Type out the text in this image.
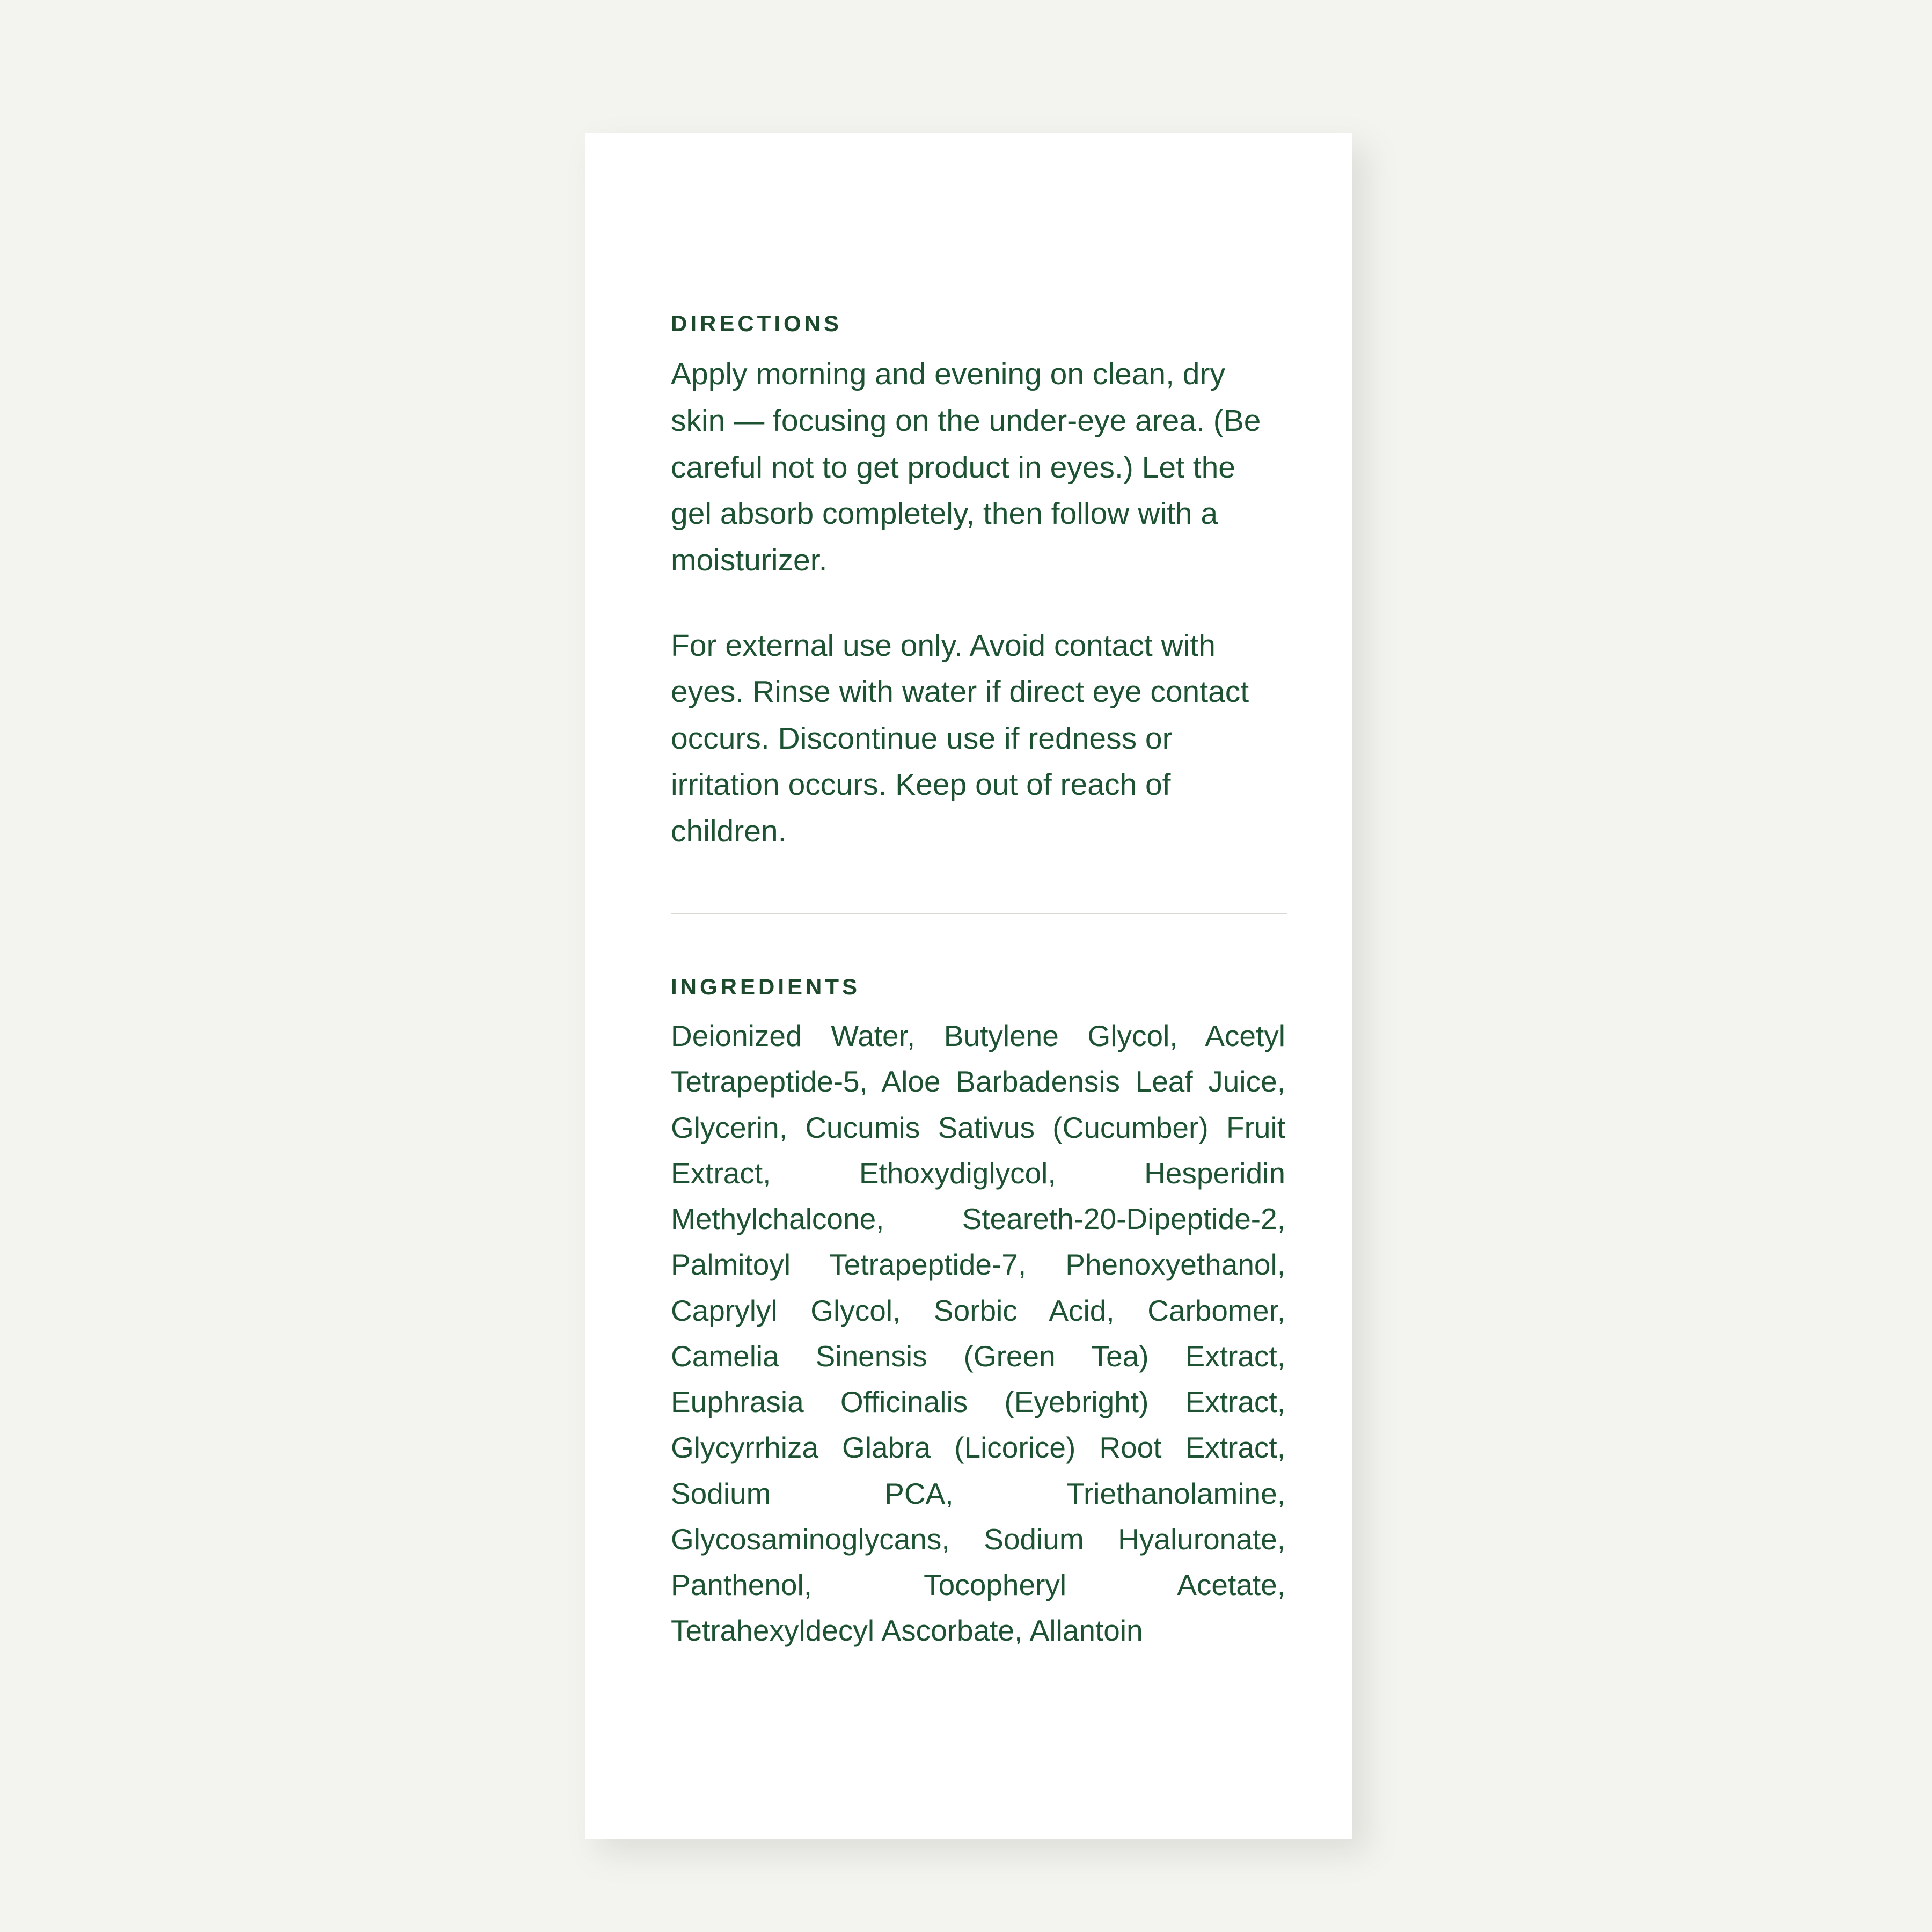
DIRECTIONS

Apply morning and evening on clean, dry skin — focusing on the under-eye area. (Be careful not to get product in eyes.) Let the gel absorb completely, then follow with a moisturizer.

For external use only. Avoid contact with eyes. Rinse with water if direct eye contact occurs. Discontinue use if redness or irritation occurs. Keep out of reach of children.

INGREDIENTS

Deionized Water, Butylene Glycol, Acetyl Tetrapeptide-5, Aloe Barbadensis Leaf Juice, Glycerin, Cucumis Sativus (Cucumber) Fruit Extract, Ethoxydiglycol, Hesperidin Methylchalcone, Steareth-20-Dipeptide-2, Palmitoyl Tetrapeptide-7, Phenoxyethanol, Caprylyl Glycol, Sorbic Acid, Carbomer, Camelia Sinensis (Green Tea) Extract, Euphrasia Officinalis (Eyebright) Extract, Glycyrrhiza Glabra (Licorice) Root Extract, Sodium PCA, Triethanolamine, Glycosaminoglycans, Sodium Hyaluronate, Panthenol, Tocopheryl Acetate, Tetrahexyldecyl Ascorbate, Allantoin
